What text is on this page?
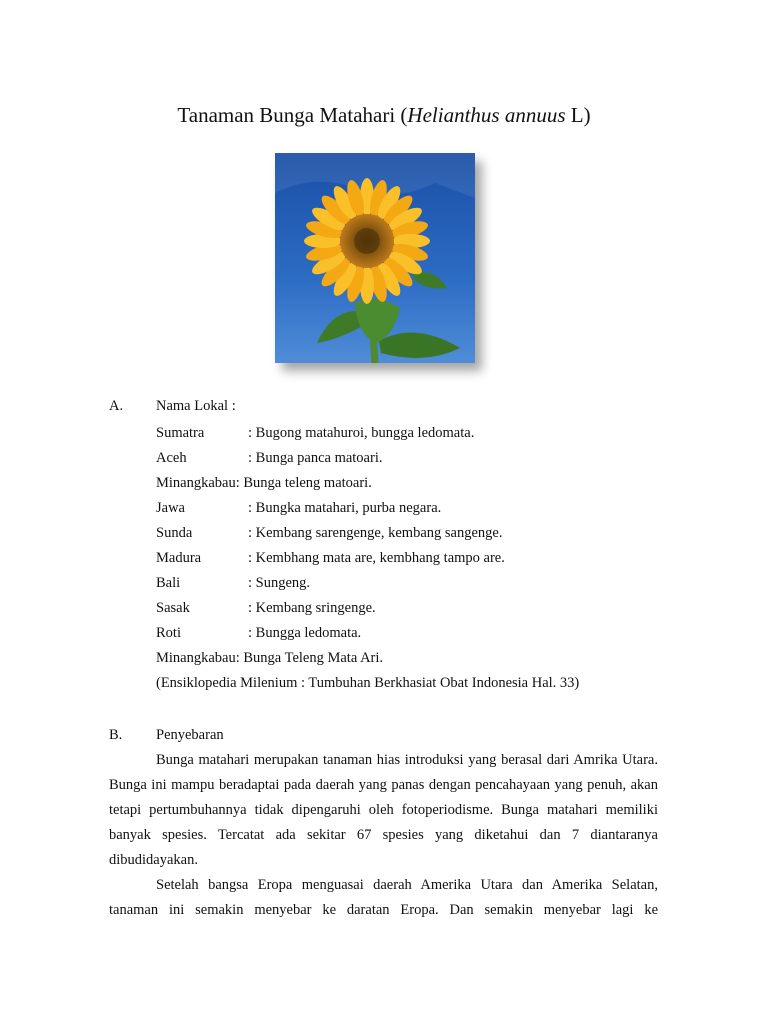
Tanaman Bunga Matahari (Helianthus annuus L)
A. Nama Lokal :
Sumatra	: Bugong matahuroi, bungga ledomata.
Aceh	: Bunga panca matoari.
Minangkabau: Bunga teleng matoari.
Jawa	: Bungka matahari, purba negara.
Sunda	: Kembang sarengenge, kembang sangenge.
Madura	: Kembhang mata are, kembhang tampo are.
Bali	: Sungeng.
Sasak	: Kembang sringenge.
Roti	: Bungga ledomata.
Minangkabau: Bunga Teleng Mata Ari.
(Ensiklopedia Milenium : Tumbuhan Berkhasiat Obat Indonesia Hal. 33)
B. Penyebaran

Bunga matahari merupakan tanaman hias introduksi yang berasal dari Amrika Utara. Bunga ini mampu beradaptai pada daerah yang panas dengan pencahayaan yang penuh, akan tetapi pertumbuhannya tidak dipengaruhi oleh fotoperiodisme. Bunga matahari memiliki banyak spesies. Tercatat ada sekitar 67 spesies yang diketahui dan 7 diantaranya dibudidayakan.

Setelah bangsa Eropa menguasai daerah Amerika Utara dan Amerika Selatan, tanaman ini semakin menyebar ke daratan Eropa. Dan semakin menyebar lagi ke
